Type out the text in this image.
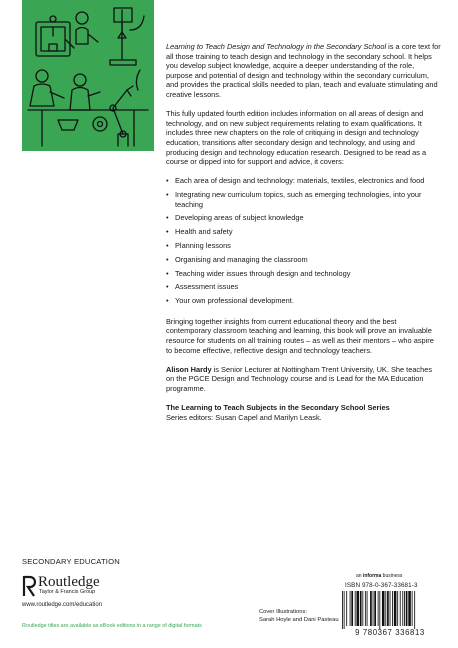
Learning to Teach Design and Technology in the Secondary School is a core text for all those training to teach design and technology in the secondary school. It helps you develop subject knowledge, acquire a deeper understanding of the role, purpose and potential of design and technology within the secondary curriculum, and provides the practical skills needed to plan, teach and evaluate stimulating and creative lessons.

This fully updated fourth edition includes information on all areas of design and technology, and on new subject requirements relating to exam qualifications. It includes three new chapters on the role of critiquing in design and technology education, transitions after secondary design and technology, and using and producing design and technology education research. Designed to be read as a course or dipped into for support and advice, it covers:

• Each area of design and technology: materials, textiles, electronics and food
• Integrating new curriculum topics, such as emerging technologies, into your teaching
• Developing areas of subject knowledge
• Health and safety
• Planning lessons
• Organising and managing the classroom
• Teaching wider issues through design and technology
• Assessment issues
• Your own professional development.

Bringing together insights from current educational theory and the best contemporary classroom teaching and learning, this book will prove an invaluable resource for students on all training routes – as well as their mentors – who aspire to become effective, reflective design and technology teachers.

Alison Hardy is Senior Lecturer at Nottingham Trent University, UK. She teaches on the PGCE Design and Technology course and is Lead for the MA Education programme.

The Learning to Teach Subjects in the Secondary School Series
Series editors: Susan Capel and Marilyn Leask.

SECONDARY EDUCATION
Routledge
Taylor & Francis Group
www.routledge.com/education
Routledge titles are available as eBook editions in a range of digital formats
Cover Illustrations:
Sarah Hoyle and Dani Pasteau
an informa business
ISBN 978-0-367-33681-3
9 780367 336813
